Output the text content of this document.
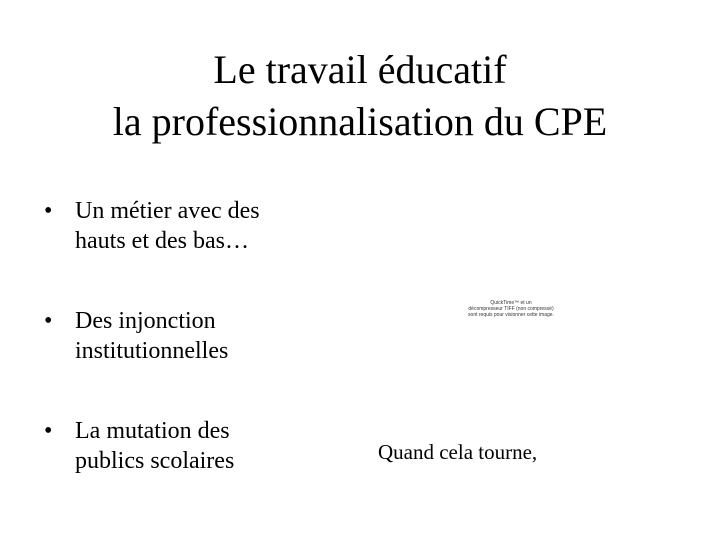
Le travail éducatif
la professionnalisation du CPE
• Un métier avec des
hauts et des bas…
• Des injonction
institutionnelles
• La mutation des
publics scolaires
QuickTime™ et un
décompresseur TIFF (non compressé)
sont requis pour visionner cette image.
Quand cela tourne,
